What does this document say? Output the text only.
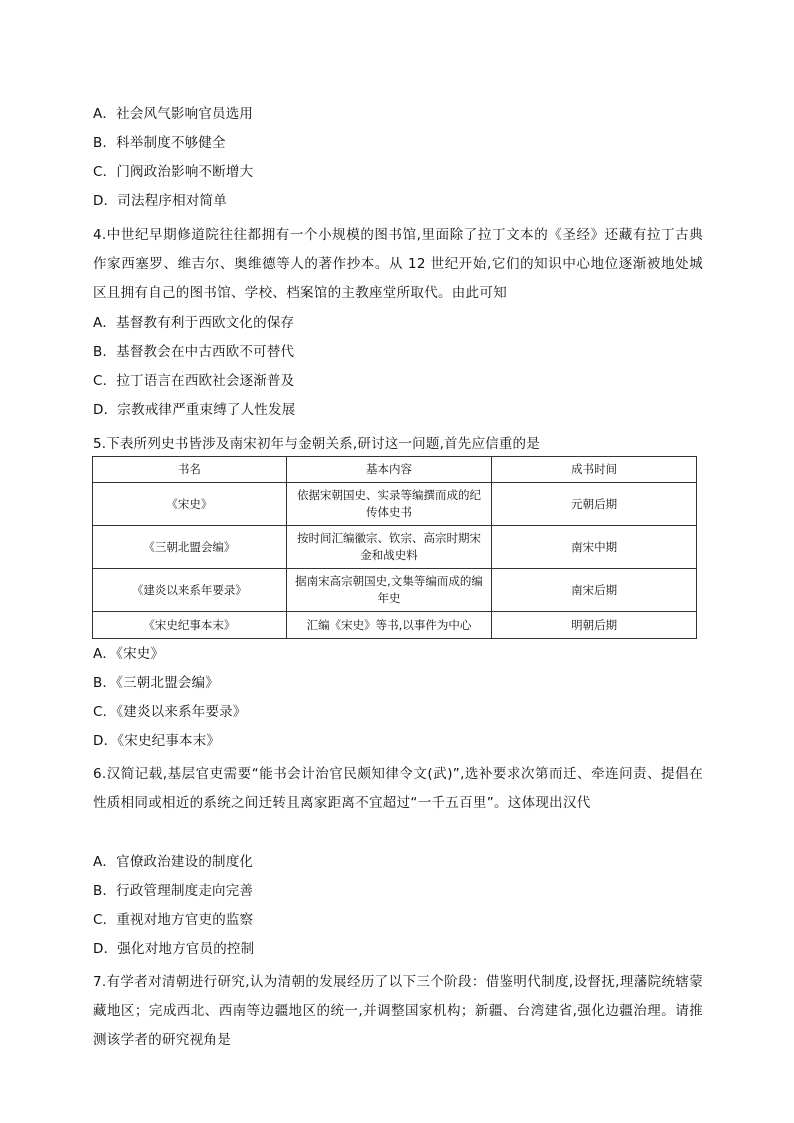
A．社会风气影响官员选用
B．科举制度不够健全
C．门阀政治影响不断增大
D．司法程序相对简单
4.中世纪早期修道院往往都拥有一个小规模的图书馆,里面除了拉丁文本的《圣经》还藏有拉丁古典作家西塞罗、维吉尔、奥维德等人的著作抄本。从 12 世纪开始,它们的知识中心地位逐渐被地处城区且拥有自己的图书馆、学校、档案馆的主教座堂所取代。由此可知
A．基督教有利于西欧文化的保存
B．基督教会在中古西欧不可替代
C．拉丁语言在西欧社会逐渐普及
D．宗教戒律严重束缚了人性发展
5.下表所列史书皆涉及南宋初年与金朝关系,研讨这一问题,首先应信重的是
书名	基本内容	成书时间
《宋史》	依据宋朝国史、实录等编撰而成的纪传体史书	元朝后期
《三朝北盟会编》	按时间汇编徽宗、钦宗、高宗时期宋金和战史料	南宋中期
《建炎以来系年要录》	据南宋高宗朝国史,文集等编而成的编年史	南宋后期
《宋史纪事本末》	汇编《宋史》等书,以事件为中心	明朝后期
A．《宋史》
B．《三朝北盟会编》
C．《建炎以来系年要录》
D．《宋史纪事本末》
6.汉简记载,基层官吏需要“能书会计治官民颇知律令文(武)”,选补要求次第而迁、牵连问责、提倡在性质相同或相近的系统之间迁转且离家距离不宜超过“一千五百里”。这体现出汉代
A．官僚政治建设的制度化
B．行政管理制度走向完善
C．重视对地方官吏的监察
D．强化对地方官员的控制
7.有学者对清朝进行研究,认为清朝的发展经历了以下三个阶段：借鉴明代制度,设督抚,理藩院统辖蒙藏地区；完成西北、西南等边疆地区的统一,并调整国家机构；新疆、台湾建省,强化边疆治理。请推测该学者的研究视角是
